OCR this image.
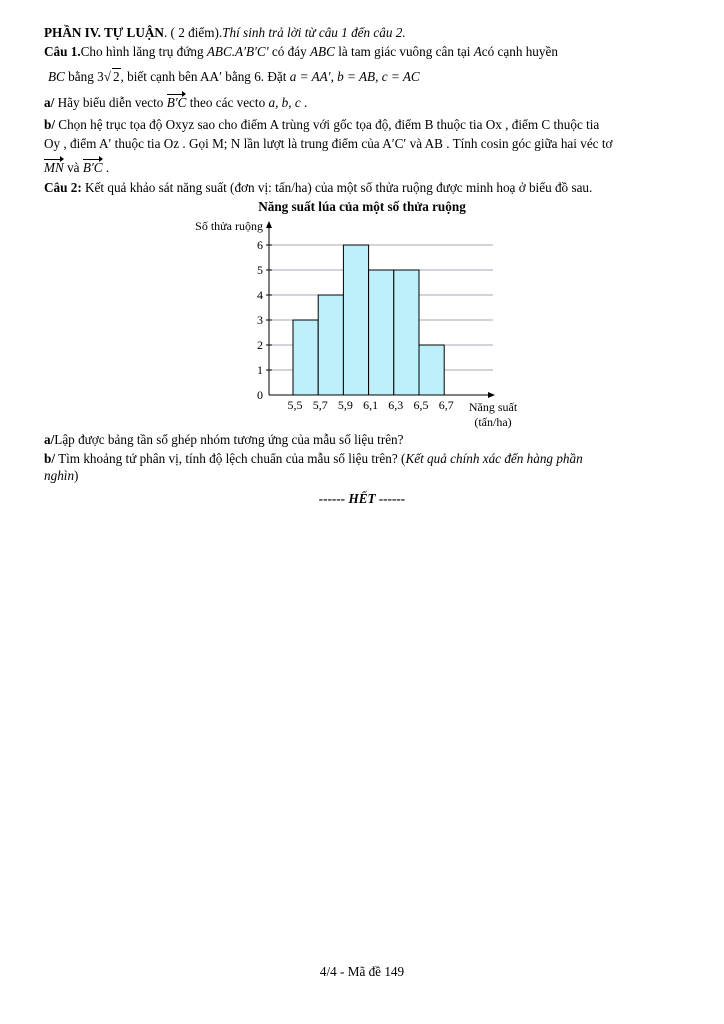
PHẦN IV. TỰ LUẬN. ( 2 điểm).Thí sinh trả lời từ câu 1 đến câu 2.
Câu 1.Cho hình lăng trụ đứng ABC.A′B′C′ có đáy ABC là tam giác vuông cân tại Acó cạnh huyền
BC bằng 3√ 2, biết cạnh bên AA′ bằng 6. Đặt a = AA′, b = AB, c = AC
a/ Hãy biểu diễn vecto B′C theo các vecto a, b, c .
b/ Chọn hệ trục tọa độ Oxyz sao cho điểm A trùng với gốc tọa độ, điểm B thuộc tia Ox , điểm C thuộc tia
Oy , điểm A′ thuộc tia Oz . Gọi M; N lần lượt là trung điểm của A′C′ và AB . Tính cosin góc giữa hai véc tơ
MN và B′C .
Câu 2: Kết quả khảo sát năng suất (đơn vị: tấn/ha) của một số thửa ruộng được minh hoạ ở biểu đồ sau.
Năng suất lúa của một số thửa ruộng
0
1
2
3
4
5
6
5,5 5,7 5,9 6,1 6,3 6,5 6,7
Số thửa ruộng
Năng suất
(tấn/ha)
a/Lập được bảng tần số ghép nhóm tương ứng của mẫu số liệu trên?
b/ Tìm khoảng tứ phân vị, tính độ lệch chuẩn của mẫu số liệu trên? (Kết quả chính xác đến hàng phần
nghìn)
------ HẾT ------
4/4 - Mã đề 149
